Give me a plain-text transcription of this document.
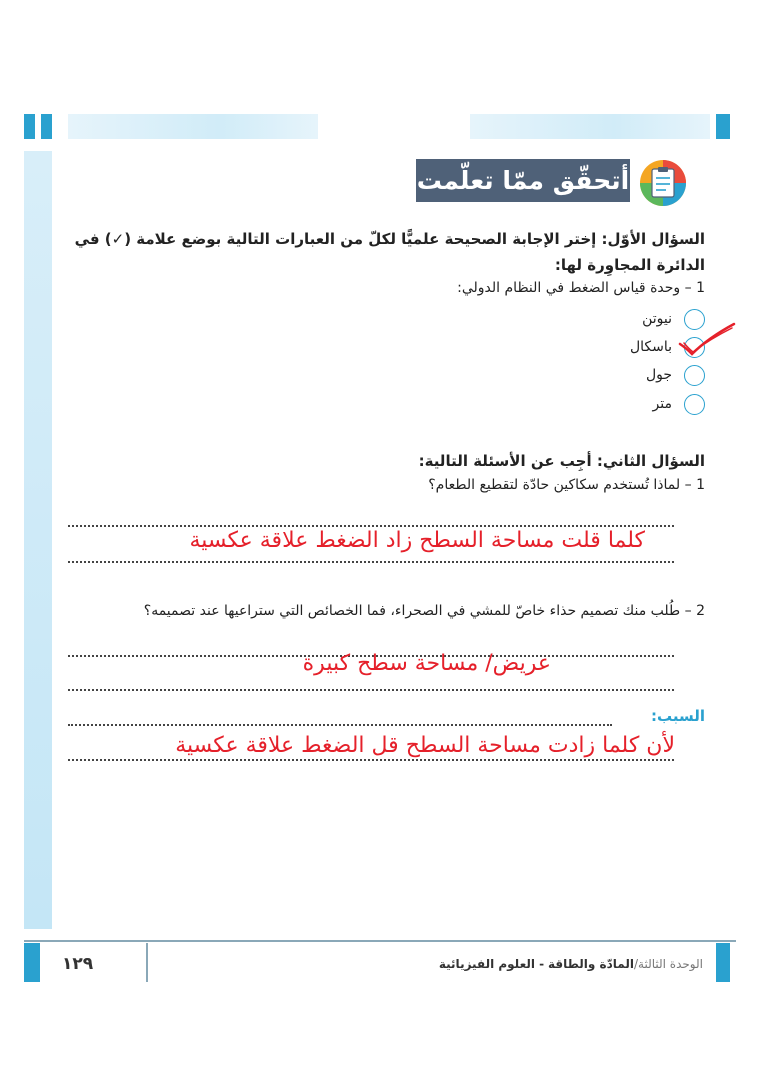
أتحقّق ممّا تعلّمت
السؤال الأوّل: إختر الإجابة الصحيحة علميًّا لكلّ من العبارات التالية بوضع علامة (✓) في الدائرة المجاوِرة لها:
1 – وحدة قياس الضغط في النظام الدولي:
نيوتن
باسكال
جول
متر
السؤال الثاني: أجِب عن الأسئلة التالية:
1 – لماذا تُستخدم سكاكين حادّة لتقطيع الطعام؟
كلما قلت مساحة السطح زاد الضغط علاقة عكسية
2 – طُلب منك تصميم حذاء خاصّ للمشي في الصحراء، فما الخصائص التي ستراعيها عند تصميمه؟
عريض/ مساحة سطح كبيرة
السبب:
لأن كلما زادت مساحة السطح قل الضغط علاقة عكسية
١٢٩	الوحدة الثالثة/المادّة والطاقة - العلوم الفيزيائية
